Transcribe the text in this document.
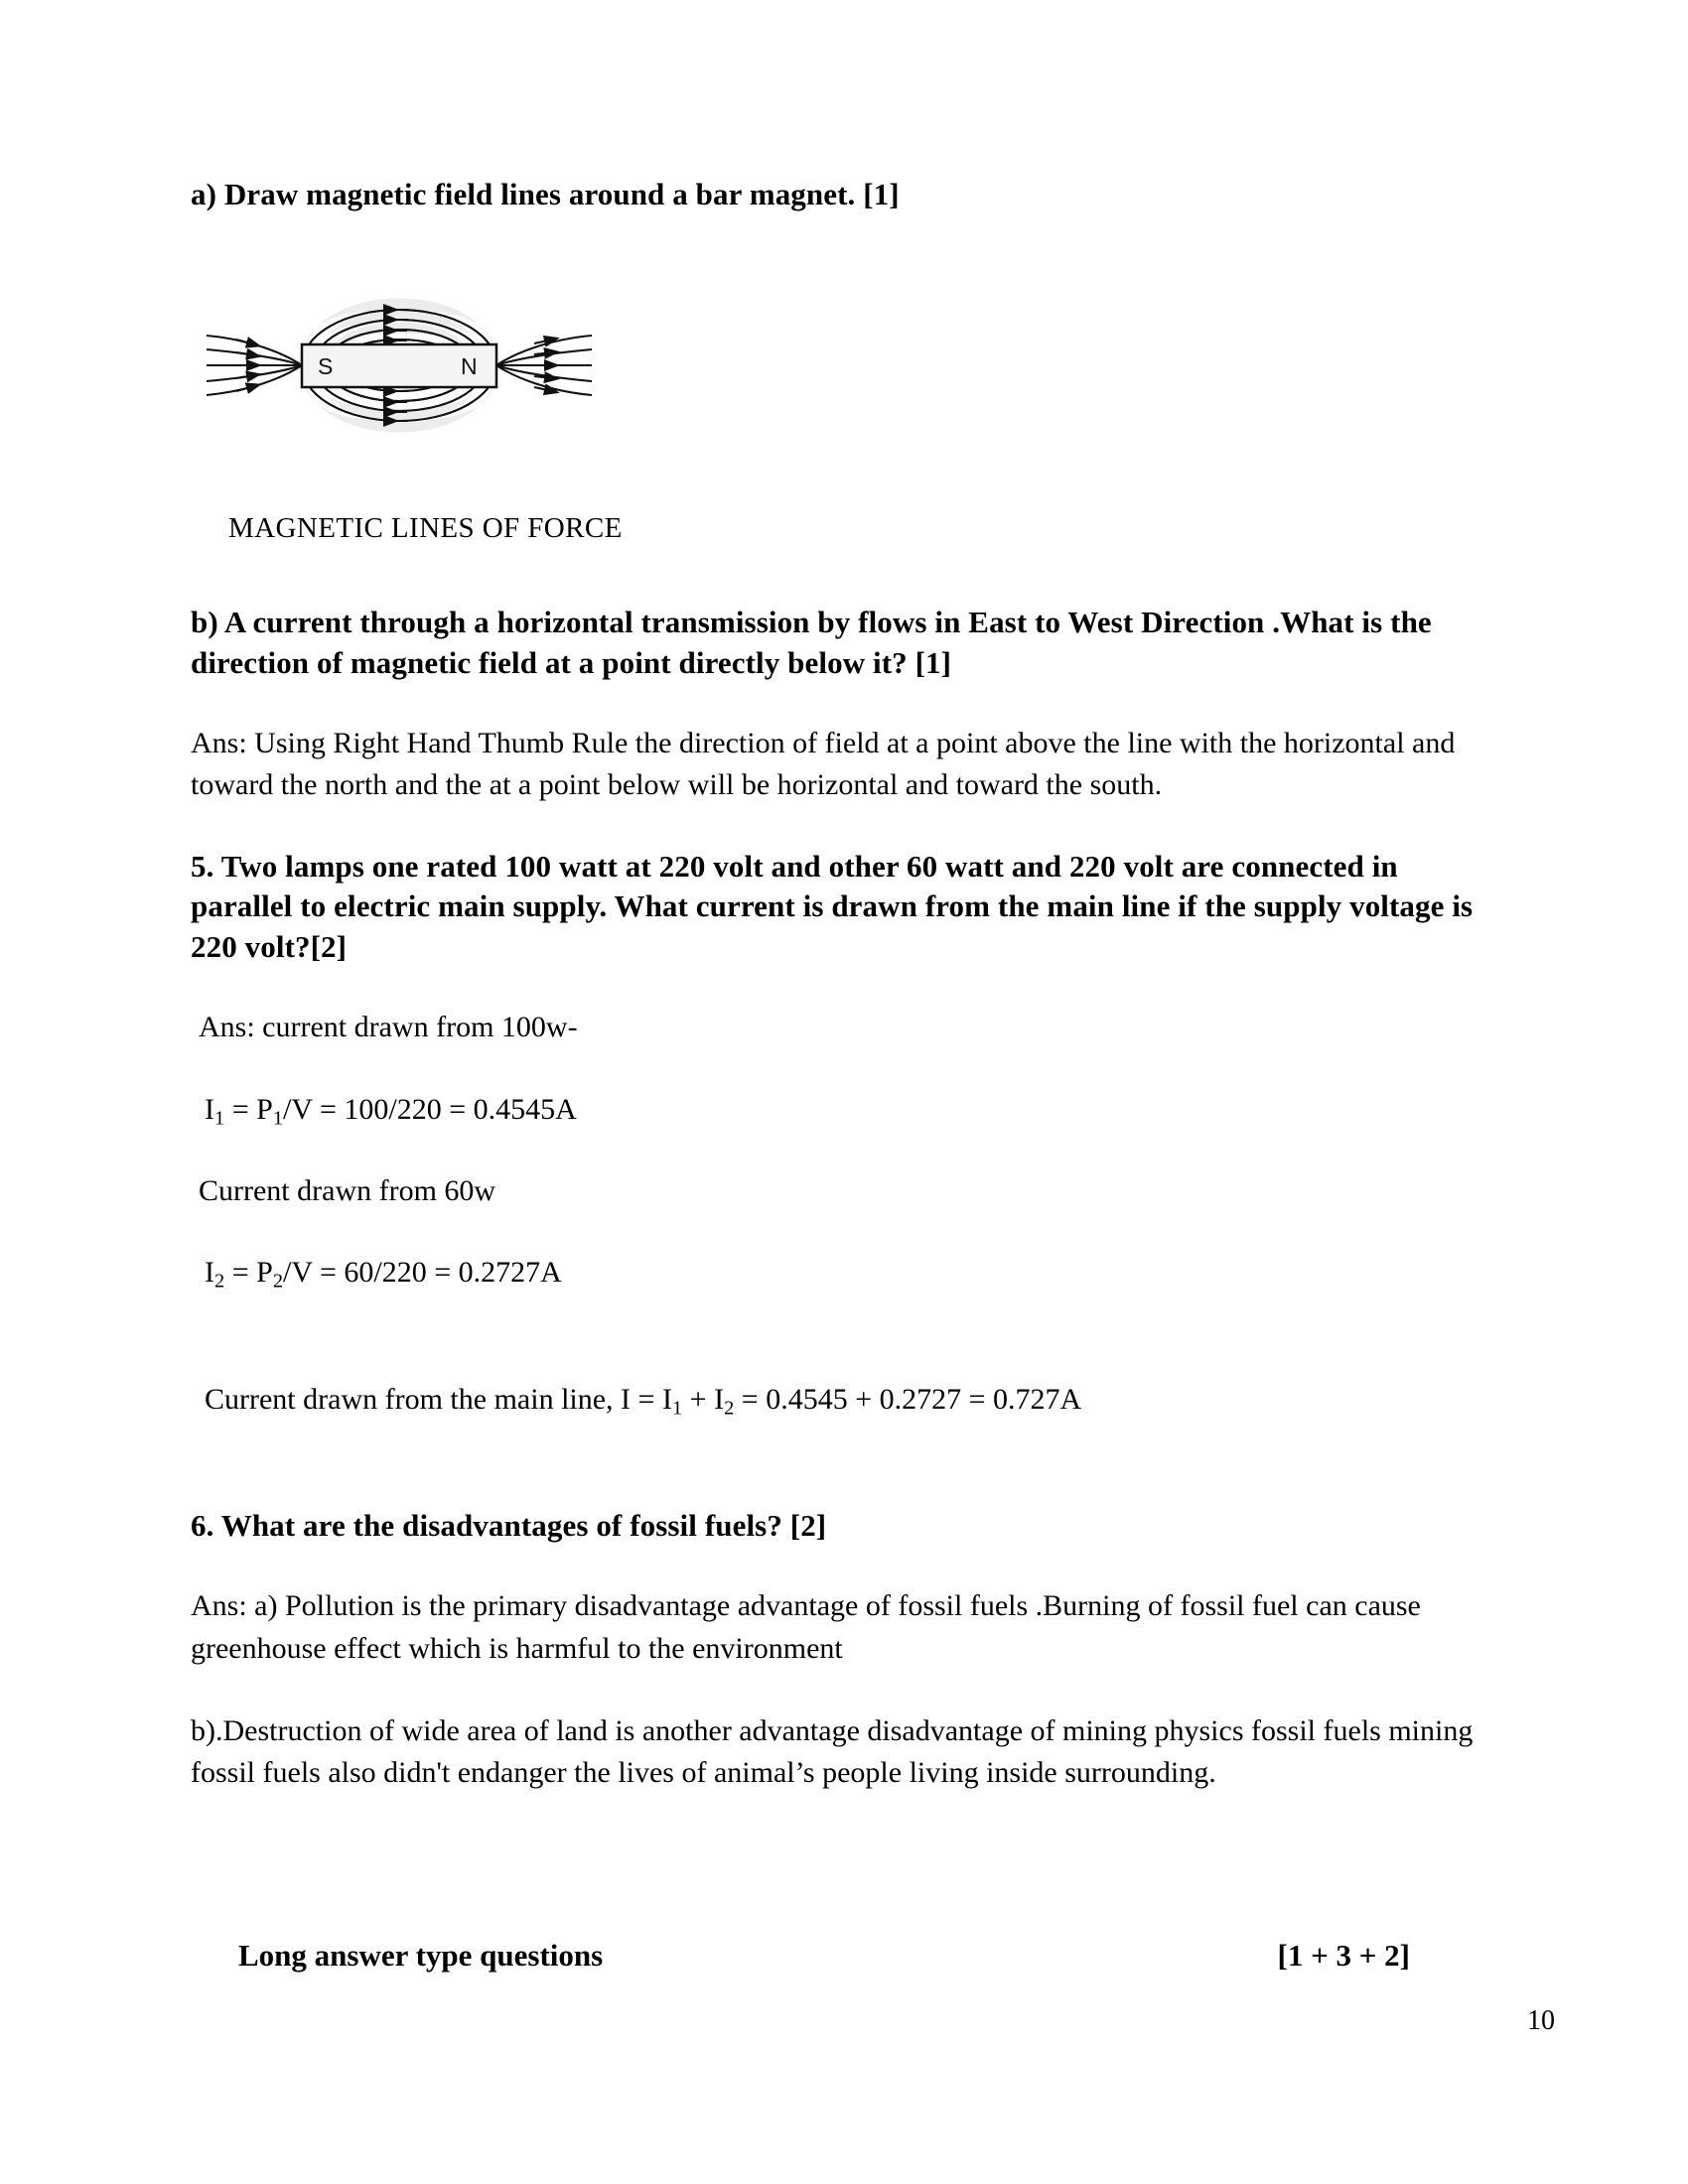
a) Draw magnetic field lines around a bar magnet. [1]

S	N

MAGNETIC LINES OF FORCE

b) A current through a horizontal transmission by flows in East to West Direction .What is the direction of magnetic field at a point directly below it? [1]

Ans: Using Right Hand Thumb Rule the direction of field at a point above the line with the horizontal and toward the north and the at a point below will be horizontal and toward the south.

5. Two lamps one rated 100 watt at 220 volt and other 60 watt and 220 volt are connected in parallel to electric main supply. What current is drawn from the main line if the supply voltage is 220 volt?[2]

Ans: current drawn from 100w-

$I_1 = P_1/V = 100/220 = 0.4545A$

Current drawn from 60w

$I_2 = P_2/V = 60/220 = 0.2727A$

Current drawn from the main line, $I = I_1 + I_2 = 0.4545 + 0.2727 = 0.727A$

6. What are the disadvantages of fossil fuels? [2]

Ans: a) Pollution is the primary disadvantage advantage of fossil fuels .Burning of fossil fuel can cause greenhouse effect which is harmful to the environment

b).Destruction of wide area of land is another advantage disadvantage of mining physics fossil fuels mining fossil fuels also didn't endanger the lives of animal’s people living inside surrounding.

Long answer type questions	[1 + 3 + 2]
10
